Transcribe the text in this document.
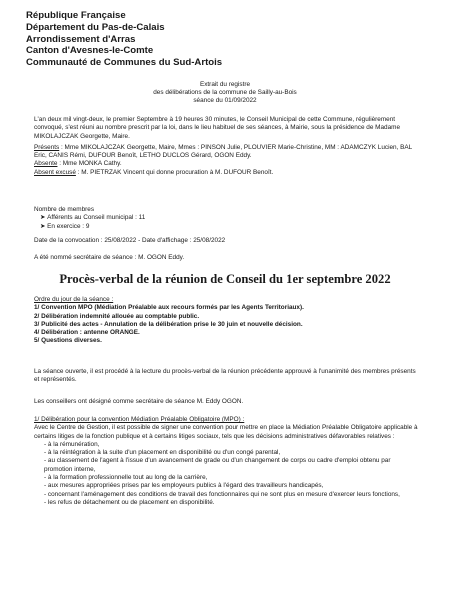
République Française
Département du Pas-de-Calais
Arrondissement d'Arras
Canton d'Avesnes-le-Comte
Communauté de Communes du Sud-Artois
Extrait du registre
des délibérations de la commune de Sailly-au-Bois
séance du 01/09/2022
L'an deux mil vingt-deux, le premier Septembre à 19 heures 30 minutes, le Conseil Municipal de cette Commune, régulièrement convoqué, s'est réuni au nombre prescrit par la loi, dans le lieu habituel de ses séances, à Mairie, sous la présidence de Madame MIKOLAJCZAK Georgette, Maire.
Présents : Mme MIKOLAJCZAK Georgette, Maire, Mmes : PINSON Julie, PLOUVIER Marie-Christine, MM : ADAMCZYK Lucien, BAL Eric, CANIS Rémi, DUFOUR Benoît, LETHO DUCLOS Gérard, OGON Eddy.
Absente : Mme MONKA Cathy.
Absent excusé : M. PIETRZAK Vincent qui donne procuration à M. DUFOUR Benoît.
Nombre de membres
➤ Afférents au Conseil municipal : 11
➤ En exercice : 9
Date de la convocation : 25/08/2022 - Date d'affichage : 25/08/2022
A été nommé secrétaire de séance : M. OGON Eddy.
Procès-verbal de la réunion de Conseil du 1er septembre 2022
Ordre du jour de la séance :
1/ Convention MPO (Médiation Préalable aux recours formés par les Agents Territoriaux).
2/ Délibération indemnité allouée au comptable public.
3/ Publicité des actes - Annulation de la délibération prise le 30 juin et nouvelle décision.
4/ Délibération : antenne ORANGE.
5/ Questions diverses.
La séance ouverte, il est procédé à la lecture du procès-verbal de la réunion précédente approuvé à l'unanimité des membres présents et représentés.
Les conseillers ont désigné comme secrétaire de séance M. Eddy OGON.
1/ Délibération pour la convention Médiation Préalable Obligatoire (MPO) :
Avec le Centre de Gestion, il est possible de signer une convention pour mettre en place la Médiation Préalable Obligatoire applicable à certains litiges de la fonction publique et à certains litiges sociaux, tels que les décisions administratives défavorables relatives :
- à la rémunération,
- à la réintégration à la suite d'un placement en disponibilité ou d'un congé parental,
- au classement de l'agent à l'issue d'un avancement de grade ou d'un changement de corps ou cadre d'emploi obtenu par promotion interne,
- à la formation professionnelle tout au long de la carrière,
- aux mesures appropriées prises par les employeurs publics à l'égard des travailleurs handicapés,
- concernant l'aménagement des conditions de travail des fonctionnaires qui ne sont plus en mesure d'exercer leurs fonctions,
- les refus de détachement ou de placement en disponibilité.
